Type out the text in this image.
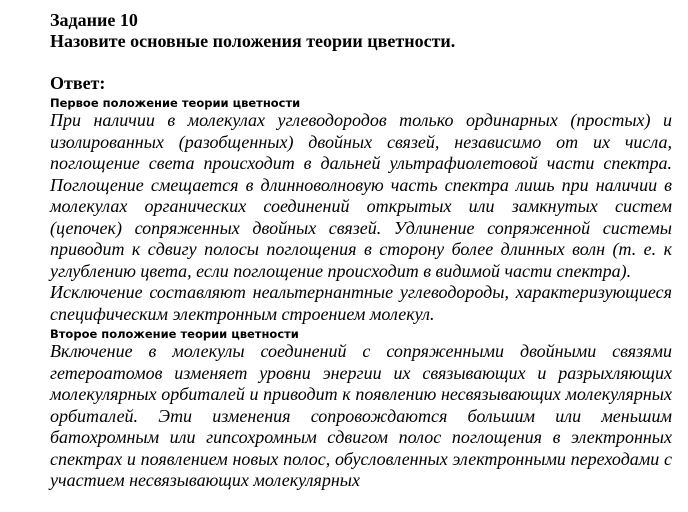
Задание 10

Назовите основные положения теории цветности.

Ответ:

Первое положение теории цветности

При наличии в молекулах углеводородов только ординарных (простых) и изолированных (разобщенных) двойных связей, независимо от их числа, поглощение света происходит в дальней ультрафиолетовой части спектра. Поглощение смещается в длинноволновую часть спектра лишь при наличии в молекулах органических соединений открытых или замкнутых систем (цепочек) сопряженных двойных связей. Удлинение сопряженной системы приводит к сдвигу полосы поглощения в сторону более длинных волн (т. е. к углублению цвета, если поглощение происходит в видимой части спектра).

Исключение составляют неальтернантные углеводороды, характеризующиеся специфическим электронным строением молекул.

Второе положение теории цветности

Включение в молекулы соединений с сопряженными двойными связями гетероатомов изменяет уровни энергии их связывающих и разрыхляющих молекулярных орбиталей и приводит к появлению несвязывающих молекулярных орбиталей. Эти изменения сопровождаются большим или меньшим батохромным или гипсохромным сдвигом полос поглощения в электронных спектрах и появлением новых полос, обусловленных электронными переходами с участием несвязывающих молекулярных
